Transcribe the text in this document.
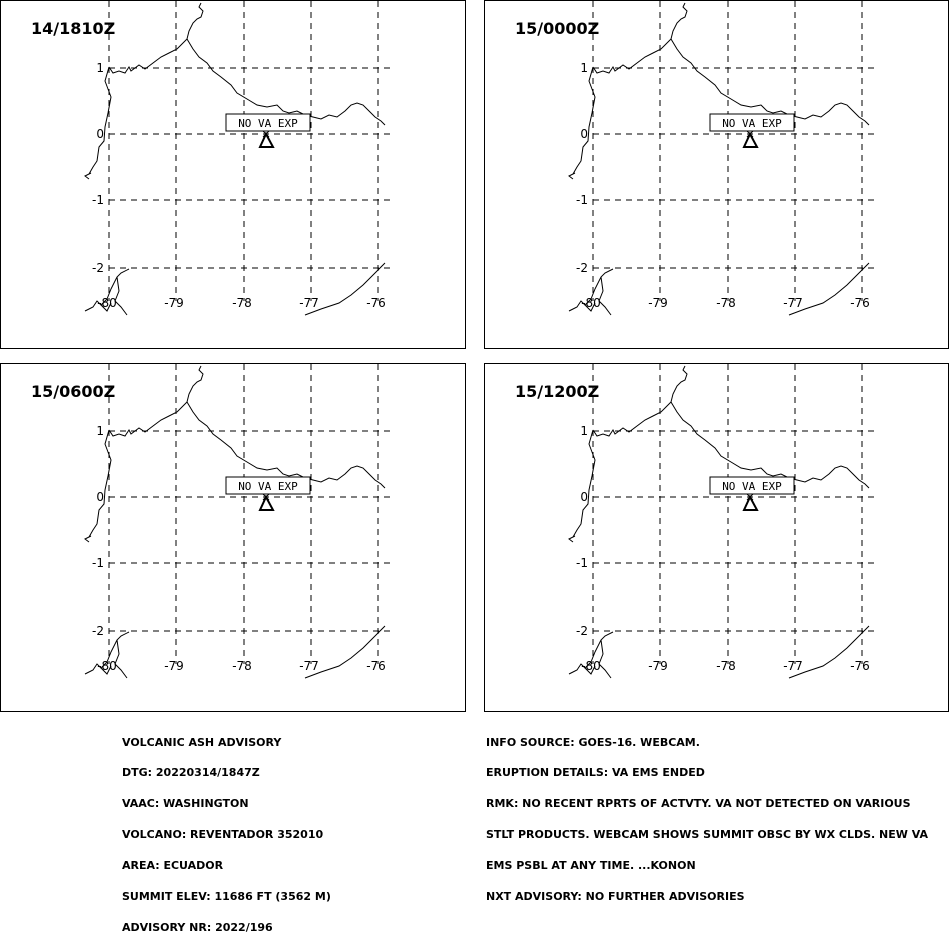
14/1810Z
1
0
-1
-2
-80	-79	-78	-77	-76
NO VA EXP
15/0000Z
1
0
-1
-2
-80	-79	-78	-77	-76
NO VA EXP
15/0600Z
1
0
-1
-2
-80	-79	-78	-77	-76
NO VA EXP
15/1200Z
1
0
-1
-2
-80	-79	-78	-77	-76
NO VA EXP

VOLCANIC ASH ADVISORY

DTG: 20220314/1847Z

VAAC: WASHINGTON

VOLCANO: REVENTADOR 352010

AREA: ECUADOR

SUMMIT ELEV: 11686 FT (3562 M)

ADVISORY NR: 2022/196

INFO SOURCE: GOES-16. WEBCAM.

ERUPTION DETAILS: VA EMS ENDED

RMK: NO RECENT RPRTS OF ACTVTY. VA NOT DETECTED ON VARIOUS

STLT PRODUCTS. WEBCAM SHOWS SUMMIT OBSC BY WX CLDS. NEW VA

EMS PSBL AT ANY TIME. ...KONON

NXT ADVISORY: NO FURTHER ADVISORIES
